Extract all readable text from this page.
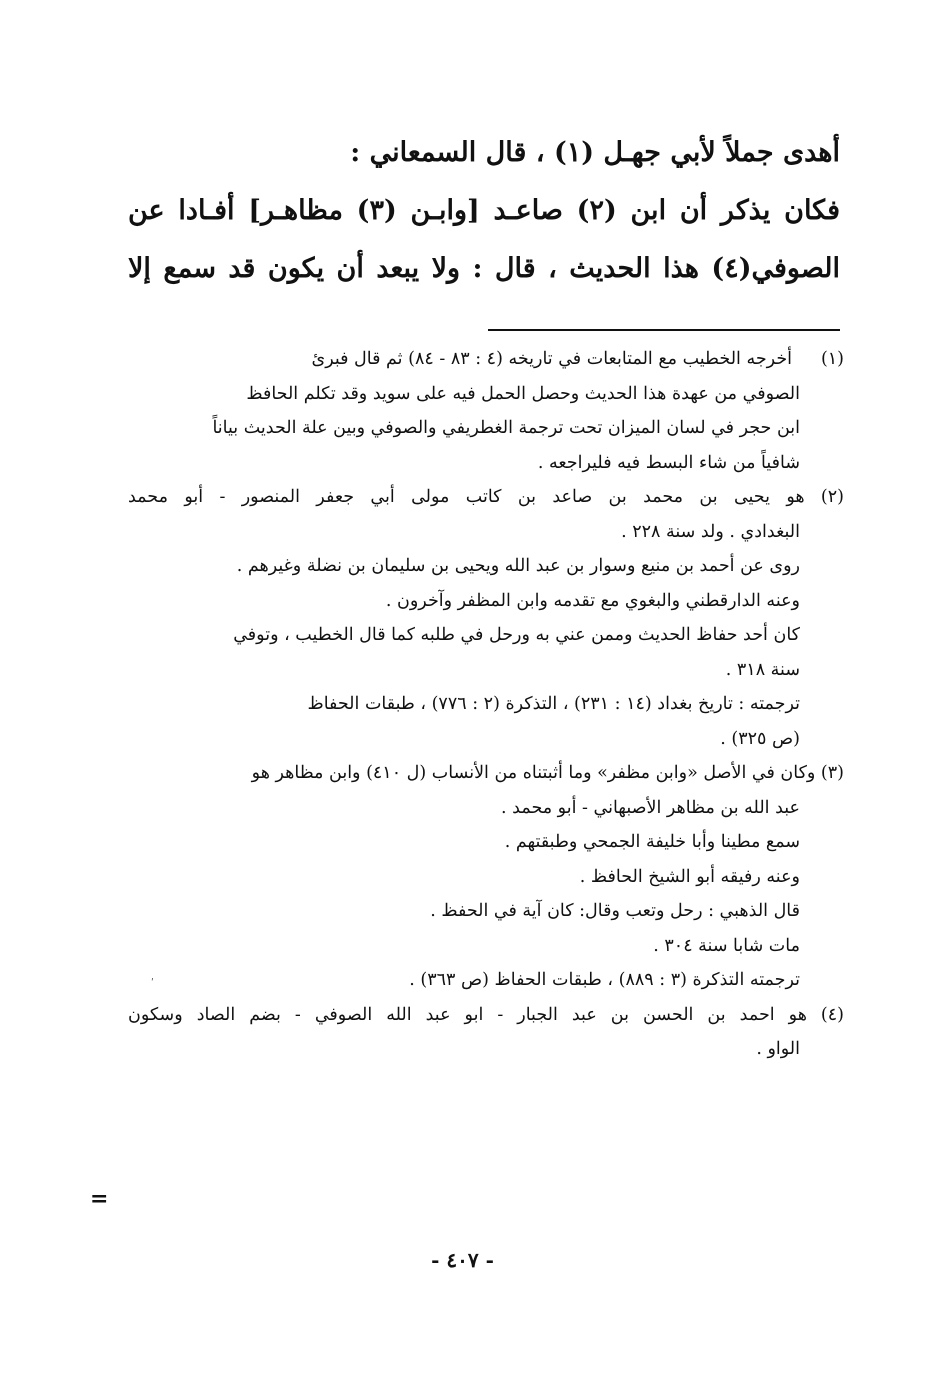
أهدى جملاً لأبي جهـل (١) ، قال السمعاني :
فكان يذكر أن ابن (٢) صاعـد [وابـن (٣) مظاهـر] أفـادا عن
الصوفي(٤) هذا الحديث ، قال : ولا يبعد أن يكون قد سمع إلا
(١)
أخرجه الخطيب مع المتابعات في تاريخه (٤ : ٨٣ - ٨٤) ثم قال فبرئ
الصوفي من عهدة هذا الحديث وحصل الحمل فيه على سويد وقد تكلم الحافظ
ابن حجر في لسان الميزان تحت ترجمة الغطريفي والصوفي وبين علة الحديث بياناً
شافياً من شاء البسط فيه فليراجعه .
(٢) هو يحيى بن محمد بن صاعد بن كاتب مولى أبي جعفر المنصور - أبو محمد
البغدادي . ولد سنة ٢٢٨ .
روى عن أحمد بن منيع وسوار بن عبد الله ويحيى بن سليمان بن نضلة وغيرهم .
وعنه الدارقطني والبغوي مع تقدمه وابن المظفر وآخرون .
كان أحد حفاظ الحديث وممن عني به ورحل في طلبه كما قال الخطيب ، وتوفي
سنة ٣١٨ .
ترجمته : تاريخ بغداد (١٤ : ٢٣١) ، التذكرة (٢ : ٧٧٦) ، طبقات الحفاظ
(ص ٣٢٥) .
(٣) وكان في الأصل «وابن مظفر» وما أثبتناه من الأنساب (ل ٤١٠) وابن مظاهر هو
عبد الله بن مظاهر الأصبهاني - أبو محمد .
سمع مطينا وأبا خليفة الجمحي وطبقتهم .
وعنه رفيقه أبو الشيخ الحافظ .
قال الذهبي : رحل وتعب وقال: كان آية في الحفظ .
مات شابا سنة ٣٠٤ .
ترجمته التذكرة (٣ : ٨٨٩) ، طبقات الحفاظ (ص ٣٦٣) .
(٤) هو احمد بن الحسن بن عبد الجبار - ابو عبد الله الصوفي - بضم الصاد وسكون
الواو .
=
ʹ
- ٤٠٧ -
